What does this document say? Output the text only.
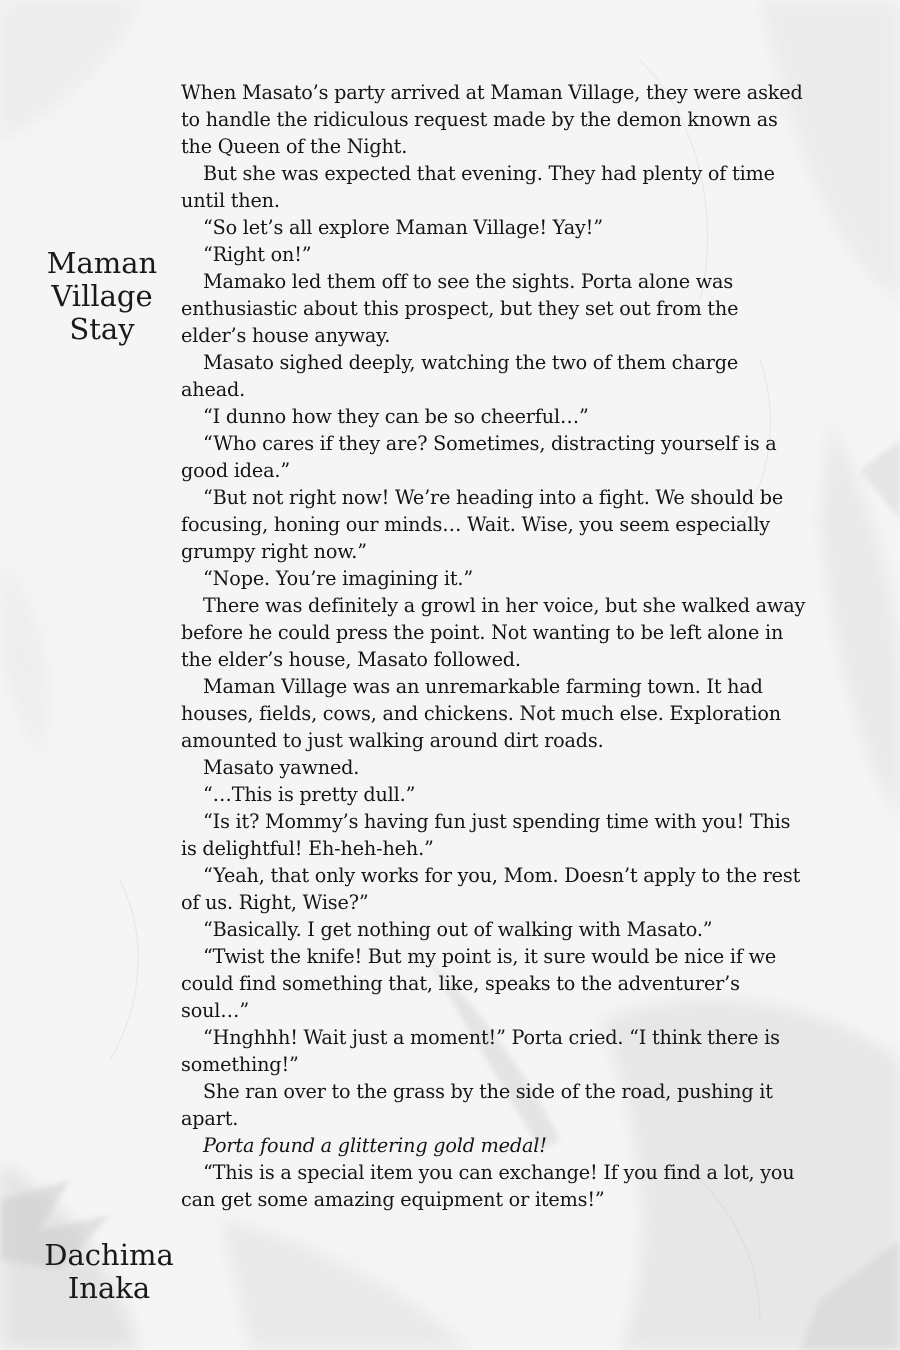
Maman
Village
Stay

When Masato’s party arrived at Maman Village, they were asked to handle the ridiculous request made by the demon known as the Queen of the Night.

But she was expected that evening. They had plenty of time until then.

“So let’s all explore Maman Village! Yay!”

“Right on!”

Mamako led them off to see the sights. Porta alone was enthusiastic about this prospect, but they set out from the elder’s house anyway.

Masato sighed deeply, watching the two of them charge ahead.

“I dunno how they can be so cheerful…”

“Who cares if they are? Sometimes, distracting yourself is a good idea.”

“But not right now! We’re heading into a fight. We should be focusing, honing our minds… Wait. Wise, you seem especially grumpy right now.”

“Nope. You’re imagining it.”

There was definitely a growl in her voice, but she walked away before he could press the point. Not wanting to be left alone in the elder’s house, Masato followed.

Maman Village was an unremarkable farming town. It had houses, fields, cows, and chickens. Not much else. Exploration amounted to just walking around dirt roads.

Masato yawned.

“…This is pretty dull.”

“Is it? Mommy’s having fun just spending time with you! This is delightful! Eh-heh-heh.”

“Yeah, that only works for you, Mom. Doesn’t apply to the rest of us. Right, Wise?”

“Basically. I get nothing out of walking with Masato.”

“Twist the knife! But my point is, it sure would be nice if we could find something that, like, speaks to the adventurer’s soul…”

“Hnghhh! Wait just a moment!” Porta cried. “I think there is something!”

She ran over to the grass by the side of the road, pushing it apart.

Porta found a glittering gold medal!

“This is a special item you can exchange! If you find a lot, you can get some amazing equipment or items!”

Dachima
Inaka
